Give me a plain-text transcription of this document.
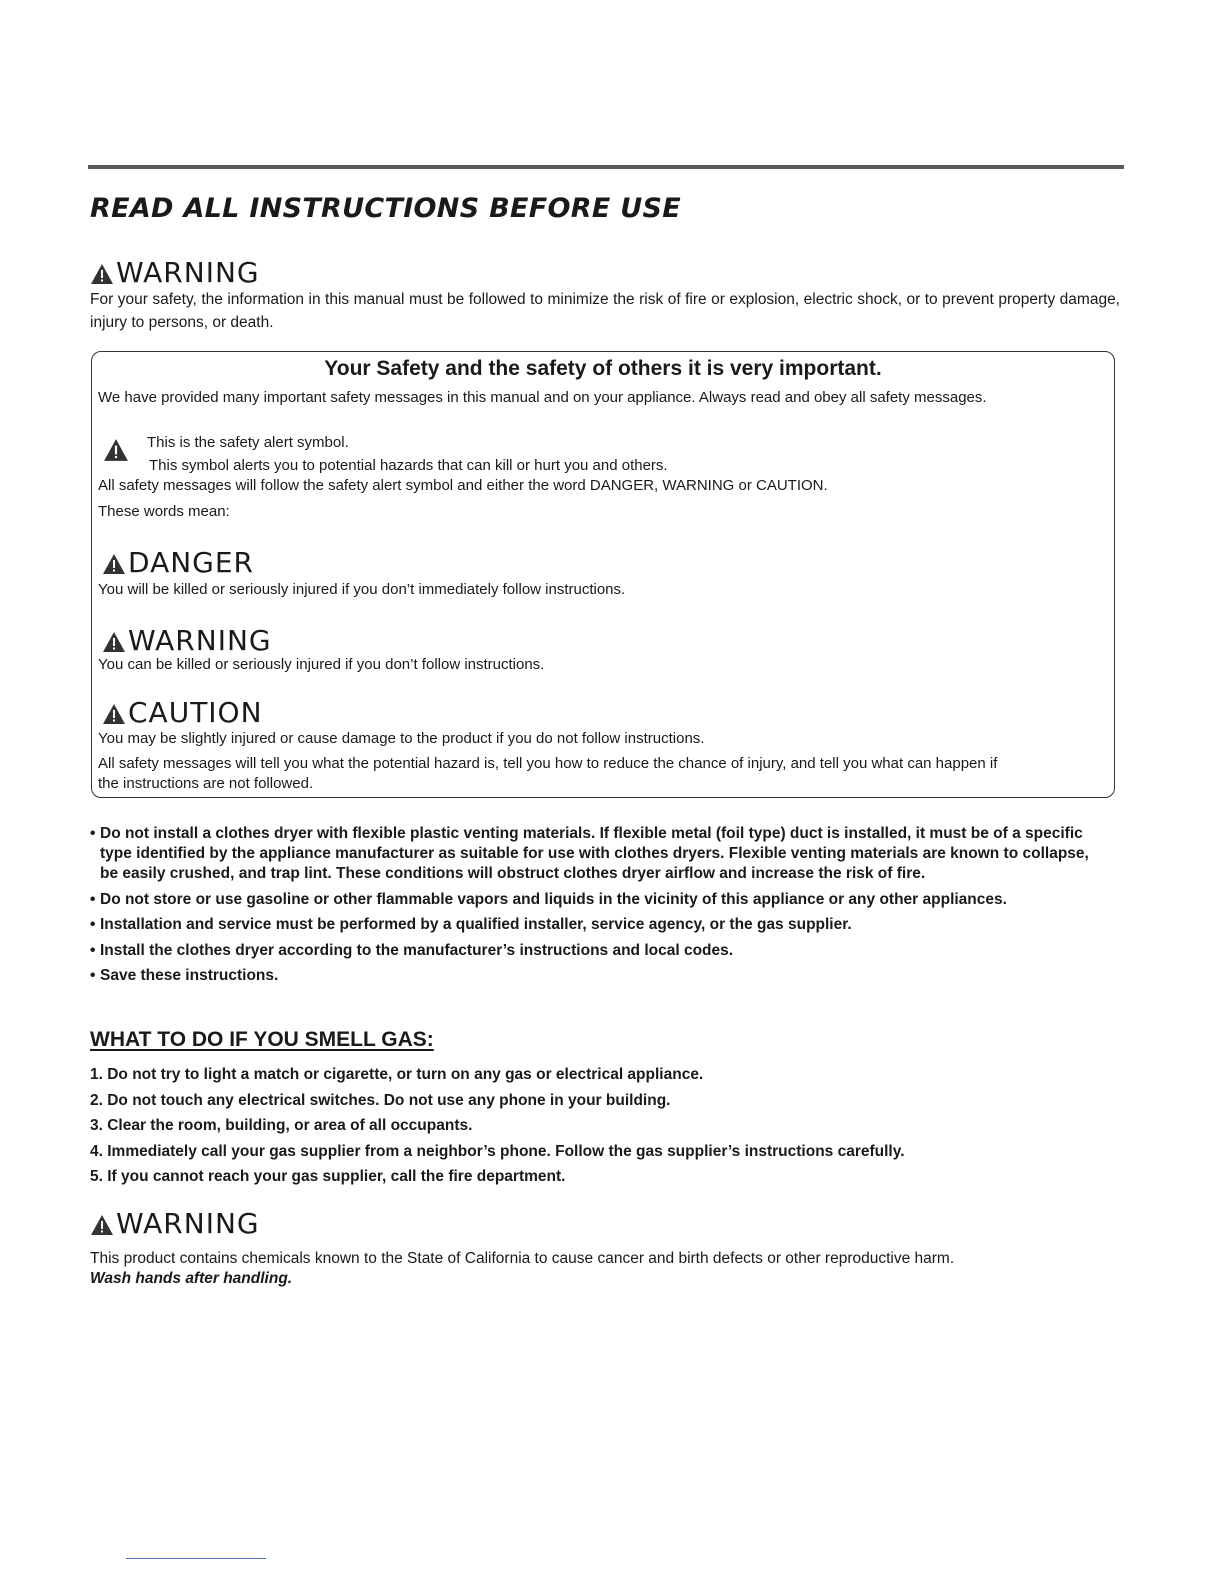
READ ALL INSTRUCTIONS BEFORE USE
WARNING

For your safety, the information in this manual must be followed to minimize the risk of fire or explosion, electric shock, or to prevent property damage, injury to persons, or death.

Your Safety and the safety of others it is very important.

We have provided many important safety messages in this manual and on your appliance. Always read and obey all safety messages.

This is the safety alert symbol.

This symbol alerts you to potential hazards that can kill or hurt you and others.

All safety messages will follow the safety alert symbol and either the word DANGER, WARNING or CAUTION.

These words mean:

DANGER

You will be killed or seriously injured if you don’t immediately follow instructions.

WARNING

You can be killed or seriously injured if you don’t follow instructions.

CAUTION

You may be slightly injured or cause damage to the product if you do not follow instructions.

All safety messages will tell you what the potential hazard is, tell you how to reduce the chance of injury, and tell you what can happen if

the instructions are not followed.

• Do not install a clothes dryer with flexible plastic venting materials. If flexible metal (foil type) duct is installed, it must be of a specific type identified by the appliance manufacturer as suitable for use with clothes dryers. Flexible venting materials are known to collapse, be easily crushed, and trap lint. These conditions will obstruct clothes dryer airflow and increase the risk of fire.
• Do not store or use gasoline or other flammable vapors and liquids in the vicinity of this appliance or any other appliances.
• Installation and service must be performed by a qualified installer, service agency, or the gas supplier.
• Install the clothes dryer according to the manufacturer’s instructions and local codes.
• Save these instructions.
WHAT TO DO IF YOU SMELL GAS:
1. Do not try to light a match or cigarette, or turn on any gas or electrical appliance.
2. Do not touch any electrical switches. Do not use any phone in your building.
3. Clear the room, building, or area of all occupants.
4. Immediately call your gas supplier from a neighbor’s phone. Follow the gas supplier’s instructions carefully.
5. If you cannot reach your gas supplier, call the fire department.
WARNING

This product contains chemicals known to the State of California to cause cancer and birth defects or other reproductive harm.

Wash hands after handling.
